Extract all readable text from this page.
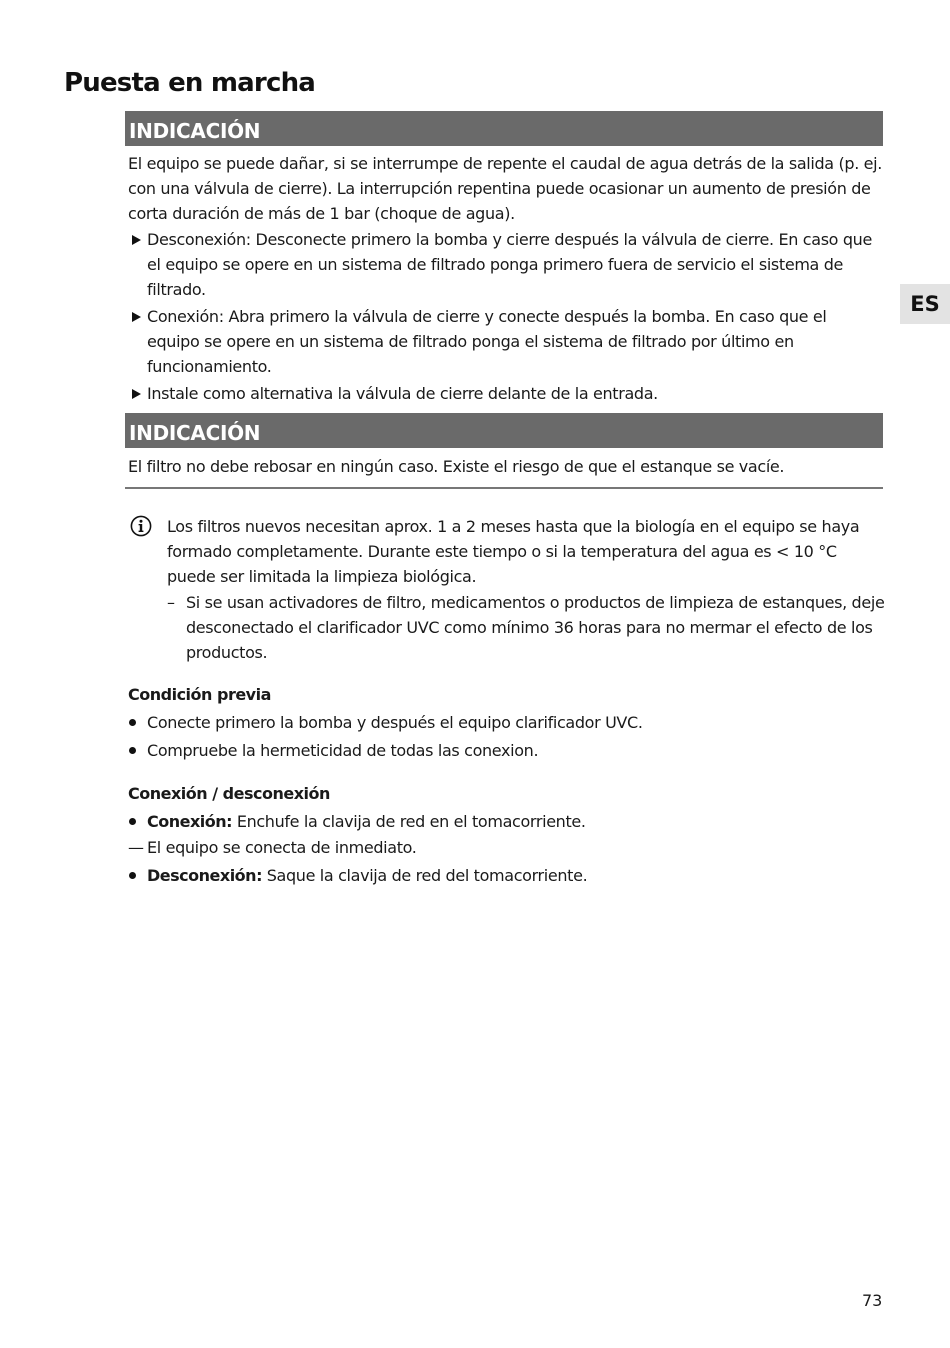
Puesta en marcha
ES
INDICACIÓN

El equipo se puede dañar, si se interrumpe de repente el caudal de agua detrás de la salida (p. ej. con una válvula de cierre). La interrupción repentina puede ocasionar un aumento de presión de corta duración de más de 1 bar (choque de agua).

Desconexión: Desconecte primero la bomba y cierre después la válvula de cierre. En caso que el equipo se opere en un sistema de filtrado ponga primero fuera de servicio el sistema de filtrado.
Conexión: Abra primero la válvula de cierre y conecte después la bomba. En caso que el equipo se opere en un sistema de filtrado ponga el sistema de filtrado por último en funcionamiento.
Instale como alternativa la válvula de cierre delante de la entrada.
INDICACIÓN

El filtro no debe rebosar en ningún caso. Existe el riesgo de que el estanque se vacíe.

Los filtros nuevos necesitan aprox. 1 a 2 meses hasta que la biología en el equipo se haya formado completamente. Durante este tiempo o si la temperatura del agua es < 10 °C puede ser limitada la limpieza biológica.

– Si se usan activadores de filtro, medicamentos o productos de limpieza de estanques, deje desconectado el clarificador UVC como mínimo 36 horas para no mermar el efecto de los productos.
Condición previa
Conecte primero la bomba y después el equipo clarificador UVC.
Compruebe la hermeticidad de todas las conexion.
Conexión / desconexión
Conexión: Enchufe la clavija de red en el tomacorriente.
— El equipo se conecta de inmediato.
Desconexión: Saque la clavija de red del tomacorriente.
73
